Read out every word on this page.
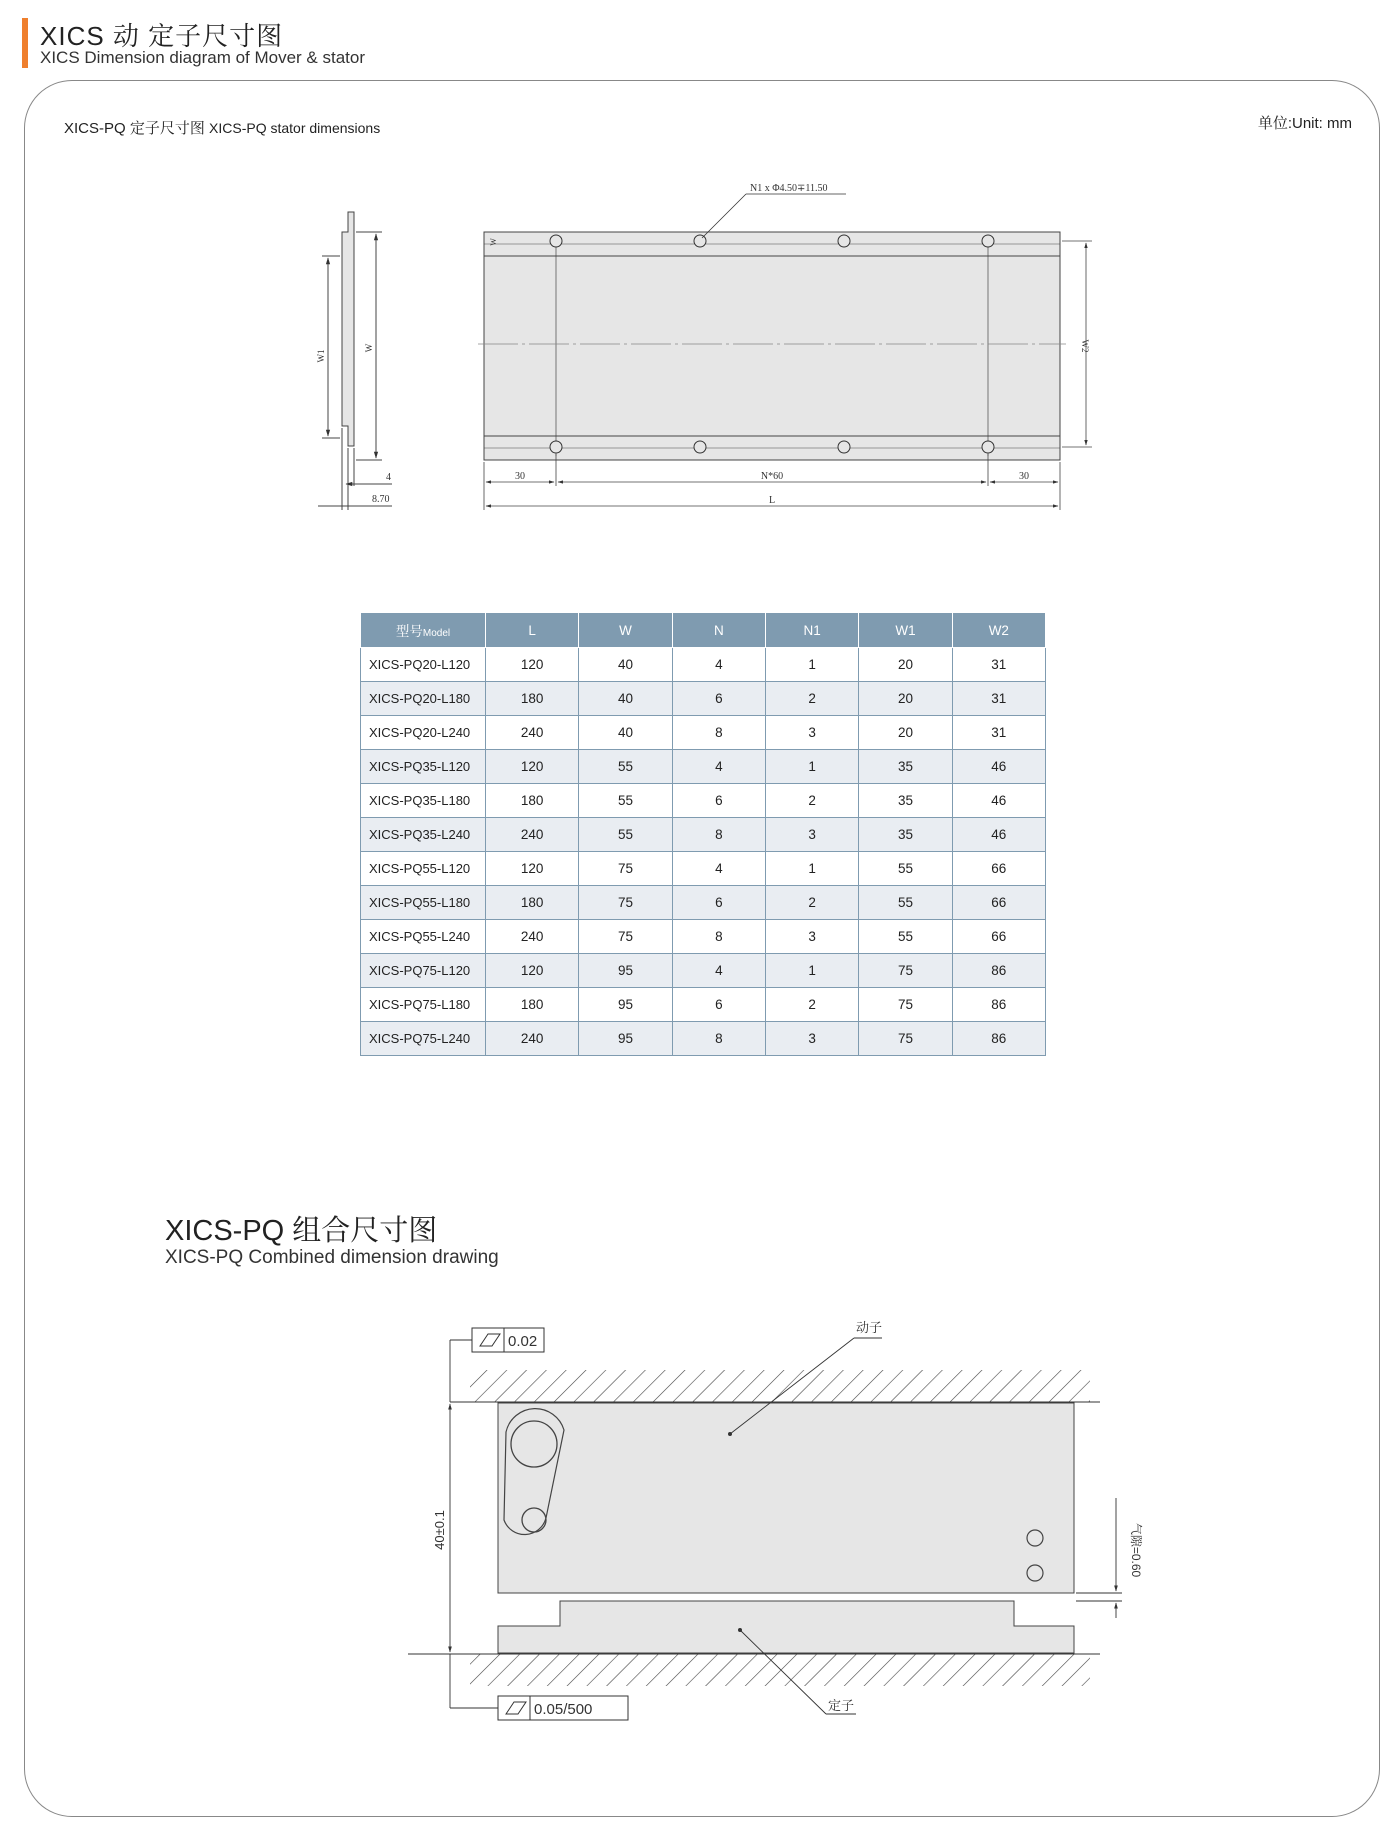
XICS 动 定子尺寸图
XICS Dimension diagram of Mover & stator
XICS-PQ 定子尺寸图 XICS-PQ stator dimensions	单位:Unit: mm
W1
W
4
8.70
W
N1 x Φ4.50∓11.50
W2
30	N*60	30
L
型号Model	L	W	N	N1	W1	W2
XICS-PQ20-L120	120	40	4	1	20	31
XICS-PQ20-L180	180	40	6	2	20	31
XICS-PQ20-L240	240	40	8	3	20	31
XICS-PQ35-L120	120	55	4	1	35	46
XICS-PQ35-L180	180	55	6	2	35	46
XICS-PQ35-L240	240	55	8	3	35	46
XICS-PQ55-L120	120	75	4	1	55	66
XICS-PQ55-L180	180	75	6	2	55	66
XICS-PQ55-L240	240	75	8	3	55	66
XICS-PQ75-L120	120	95	4	1	75	86
XICS-PQ75-L180	180	95	6	2	75	86
XICS-PQ75-L240	240	95	8	3	75	86
XICS-PQ 组合尺寸图
XICS-PQ Combined dimension drawing
40±0.1
0.02
0.05/500
气隙=0.60
动子
定子
